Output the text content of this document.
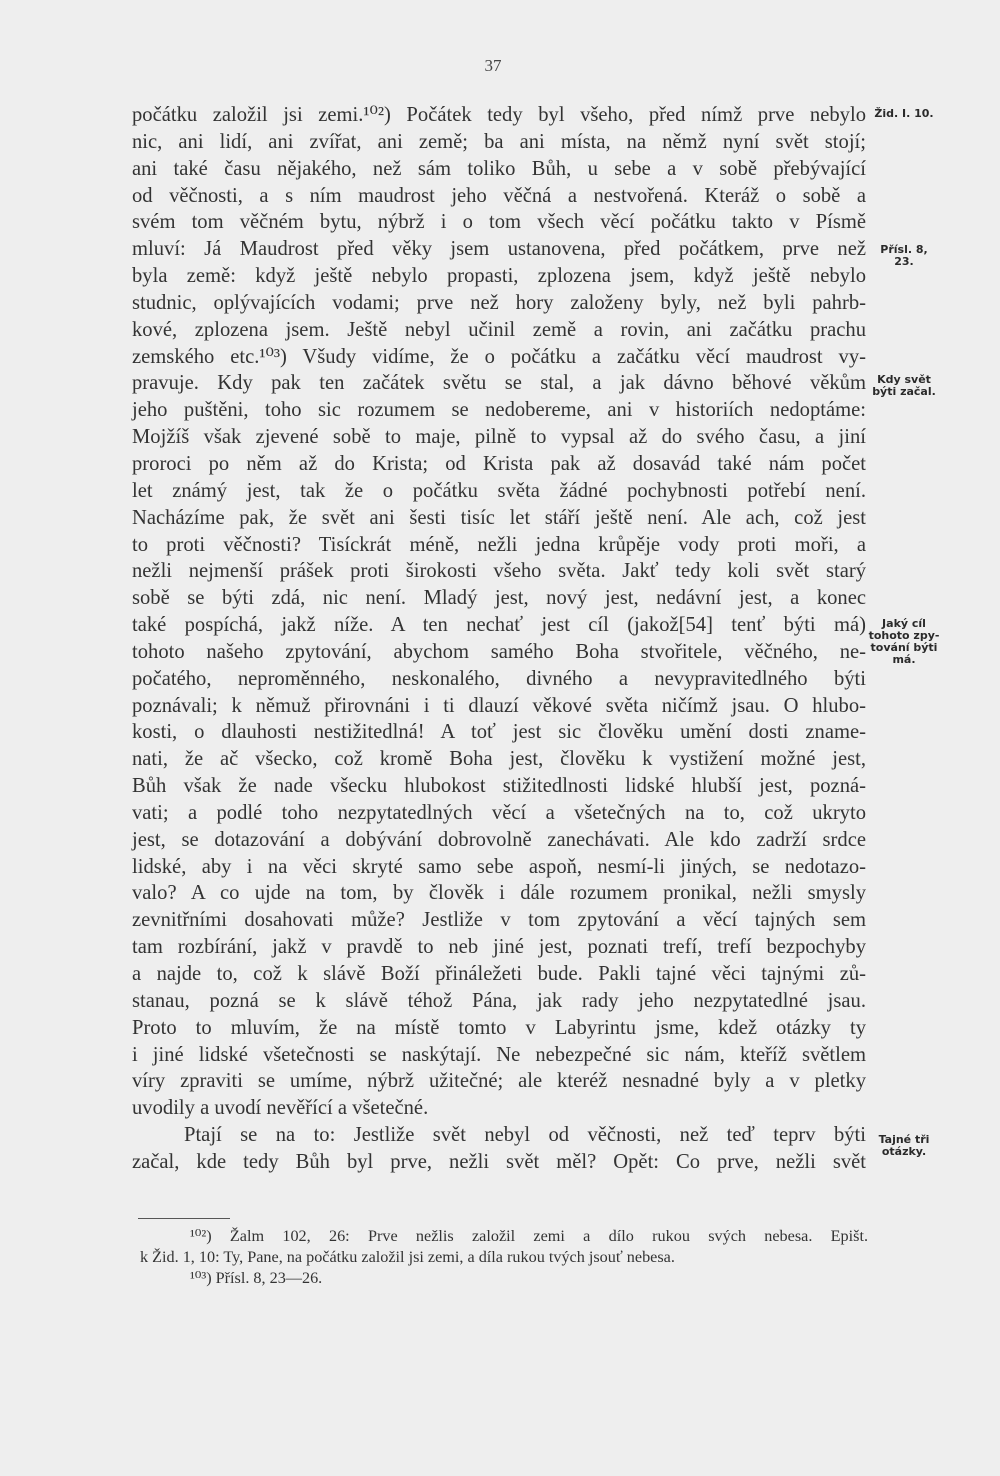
37
počátku založil jsi zemi.¹⁰²) Počátek tedy byl všeho, před nímž prve nebylo
nic, ani lidí, ani zvířat, ani země; ba ani místa, na němž nyní svět stojí;
ani také času nějakého, než sám toliko Bůh, u sebe a v sobě přebývající
od věčnosti, a s ním maudrost jeho věčná a nestvořená. Kteráž o sobě a
svém tom věčném bytu, nýbrž i o tom všech věcí počátku takto v Písmě
mluví: Já Maudrost před věky jsem ustanovena, před počátkem, prve než
byla země: když ještě nebylo propasti, zplozena jsem, když ještě nebylo
studnic, oplývajících vodami; prve než hory založeny byly, než byli pahrb-
kové, zplozena jsem. Ještě nebyl učinil země a rovin, ani začátku prachu
zemského etc.¹⁰³) Všudy vidíme, že o počátku a začátku věcí maudrost vy-
pravuje. Kdy pak ten začátek světu se stal, a jak dávno běhové věkům
jeho puštěni, toho sic rozumem se nedobereme, ani v historiích nedoptáme:
Mojžíš však zjevené sobě to maje, pilně to vypsal až do svého času, a jiní
proroci po něm až do Krista; od Krista pak až dosavád také nám počet
let známý jest, tak že o počátku světa žádné pochybnosti potřebí není.
Nacházíme pak, že svět ani šesti tisíc let stáří ještě není. Ale ach, což jest
to proti věčnosti? Tisíckrát méně, nežli jedna krůpěje vody proti moři, a
nežli nejmenší prášek proti širokosti všeho světa. Jakť tedy koli svět starý
sobě se býti zdá, nic není. Mladý jest, nový jest, nedávní jest, a konec
také pospíchá, jakž níže. A ten nechať jest cíl (jakož[54] tenť býti má)
tohoto našeho zpytování, abychom samého Boha stvořitele, věčného, ne-
počatého, neproměnného, neskonalého, divného a nevypravitedlného býti
poznávali; k němuž přirovnáni i ti dlauzí věkové světa ničímž jsau. O hlubo-
kosti, o dlauhosti nestižitedlná! A toť jest sic člověku umění dosti zname-
nati, že ač všecko, což kromě Boha jest, člověku k vystižení možné jest,
Bůh však že nade všecku hlubokost stižitedlnosti lidské hlubší jest, pozná-
vati; a podlé toho nezpytatedlných věcí a všetečných na to, což ukryto
jest, se dotazování a dobývání dobrovolně zanechávati. Ale kdo zadrží srdce
lidské, aby i na věci skryté samo sebe aspoň, nesmí-li jiných, se nedotazo-
valo? A co ujde na tom, by člověk i dále rozumem pronikal, nežli smysly
zevnitřními dosahovati může? Jestliže v tom zpytování a věcí tajných sem
tam rozbírání, jakž v pravdě to neb jiné jest, poznati trefí, trefí bezpochyby
a najde to, což k slávě Boží přináležeti bude. Pakli tajné věci tajnými zů-
stanau, pozná se k slávě téhož Pána, jak rady jeho nezpytatedlné jsau.
Proto to mluvím, že na místě tomto v Labyrintu jsme, kdež otázky ty
i jiné lidské všetečnosti se naskýtají. Ne nebezpečné sic nám, kteříž světlem
víry zpraviti se umíme, nýbrž užitečné; ale kteréž nesnadné byly a v pletky
uvodily a uvodí nevěřící a všetečné.
Ptají se na to: Jestliže svět nebyl od věčnosti, než teď teprv býti
začal, kde tedy Bůh byl prve, nežli svět měl? Opět: Co prve, nežli svět
Žid. I. 10.
Přísl. 8,
23.
Kdy svět
býti začal.
Jaký cíl
tohoto zpy-
tování býti
má.
Tajné tři
otázky.
¹⁰²) Žalm 102, 26: Prve nežlis založil zemi a dílo rukou svých nebesa. Epišt.
k Žid. 1, 10: Ty, Pane, na počátku založil jsi zemi, a díla rukou tvých jsouť nebesa.
¹⁰³) Přísl. 8, 23—26.
